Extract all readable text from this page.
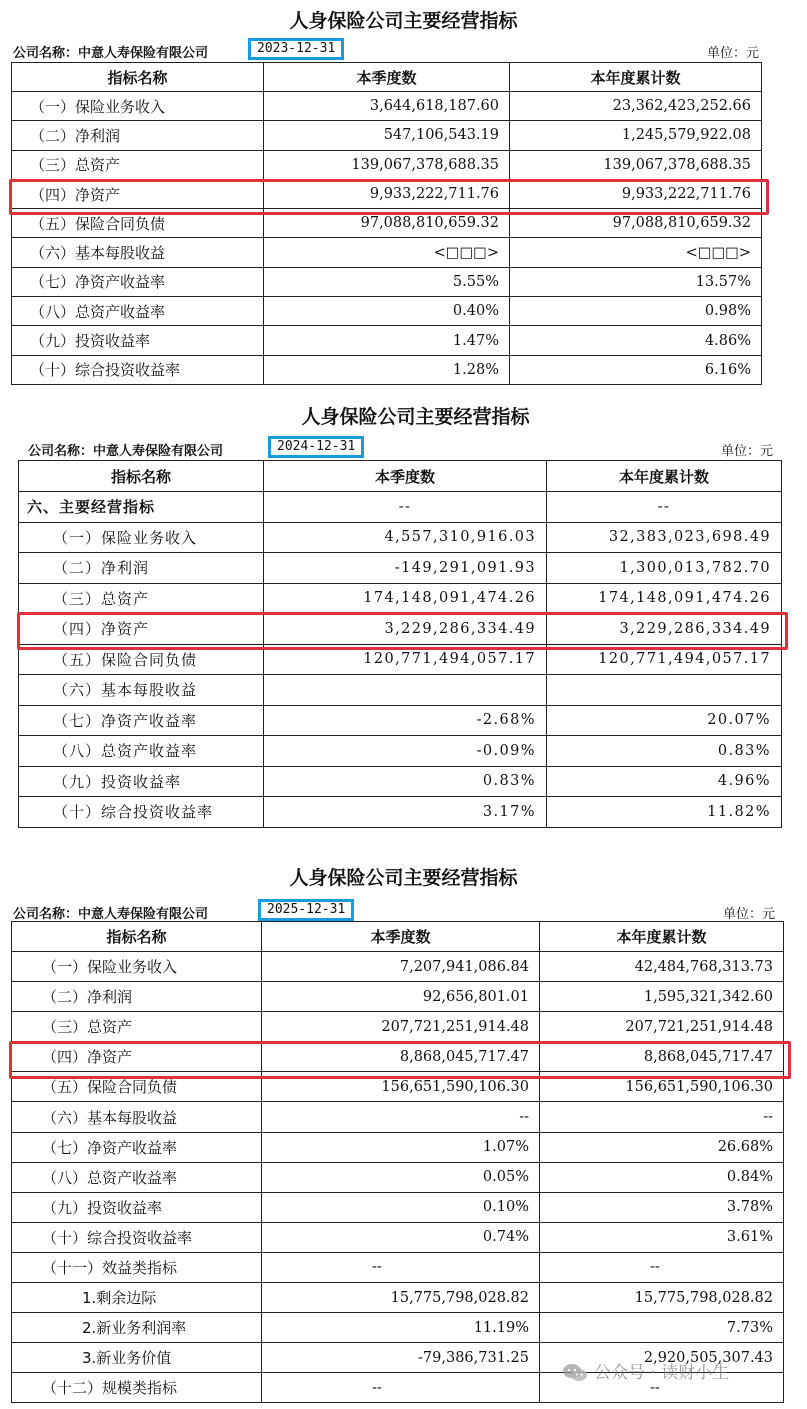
人身保险公司主要经营指标
公司名称：中意人寿保险有限公司	2023-12-31	单位：元
指标名称	本季度数	本年度累计数
（一）保险业务收入	3,644,618,187.60	23,362,423,252.66
（二）净利润	547,106,543.19	1,245,579,922.08
（三）总资产	139,067,378,688.35	139,067,378,688.35
（四）净资产	9,933,222,711.76	9,933,222,711.76
（五）保险合同负债	97,088,810,659.32	97,088,810,659.32
（六）基本每股收益	<□□□>	<□□□>
（七）净资产收益率	5.55%	13.57%
（八）总资产收益率	0.40%	0.98%
（九）投资收益率	1.47%	4.86%
（十）综合投资收益率	1.28%	6.16%
人身保险公司主要经营指标
公司名称：中意人寿保险有限公司	2024-12-31	单位：元
指标名称	本季度数	本年度累计数
六、主要经营指标	--	--
（一）保险业务收入	4,557,310,916.03	32,383,023,698.49
（二）净利润	-149,291,091.93	1,300,013,782.70
（三）总资产	174,148,091,474.26	174,148,091,474.26
（四）净资产	3,229,286,334.49	3,229,286,334.49
（五）保险合同负债	120,771,494,057.17	120,771,494,057.17
（六）基本每股收益		
（七）净资产收益率	-2.68%	20.07%
（八）总资产收益率	-0.09%	0.83%
（九）投资收益率	0.83%	4.96%
（十）综合投资收益率	3.17%	11.82%
人身保险公司主要经营指标
公司名称：中意人寿保险有限公司	2025-12-31	单位：元
指标名称	本季度数	本年度累计数
（一）保险业务收入	7,207,941,086.84	42,484,768,313.73
（二）净利润	92,656,801.01	1,595,321,342.60
（三）总资产	207,721,251,914.48	207,721,251,914.48
（四）净资产	8,868,045,717.47	8,868,045,717.47
（五）保险合同负债	156,651,590,106.30	156,651,590,106.30
（六）基本每股收益	--	--
（七）净资产收益率	1.07%	26.68%
（八）总资产收益率	0.05%	0.84%
（九）投资收益率	0.10%	3.78%
（十）综合投资收益率	0.74%	3.61%
（十一）效益类指标	--	--
1.剩余边际	15,775,798,028.82	15,775,798,028.82
2.新业务利润率	11.19%	7.73%
3.新业务价值	-79,386,731.25	2,920,505,307.43
（十二）规模类指标	--	--
公众号 · 读财小生
